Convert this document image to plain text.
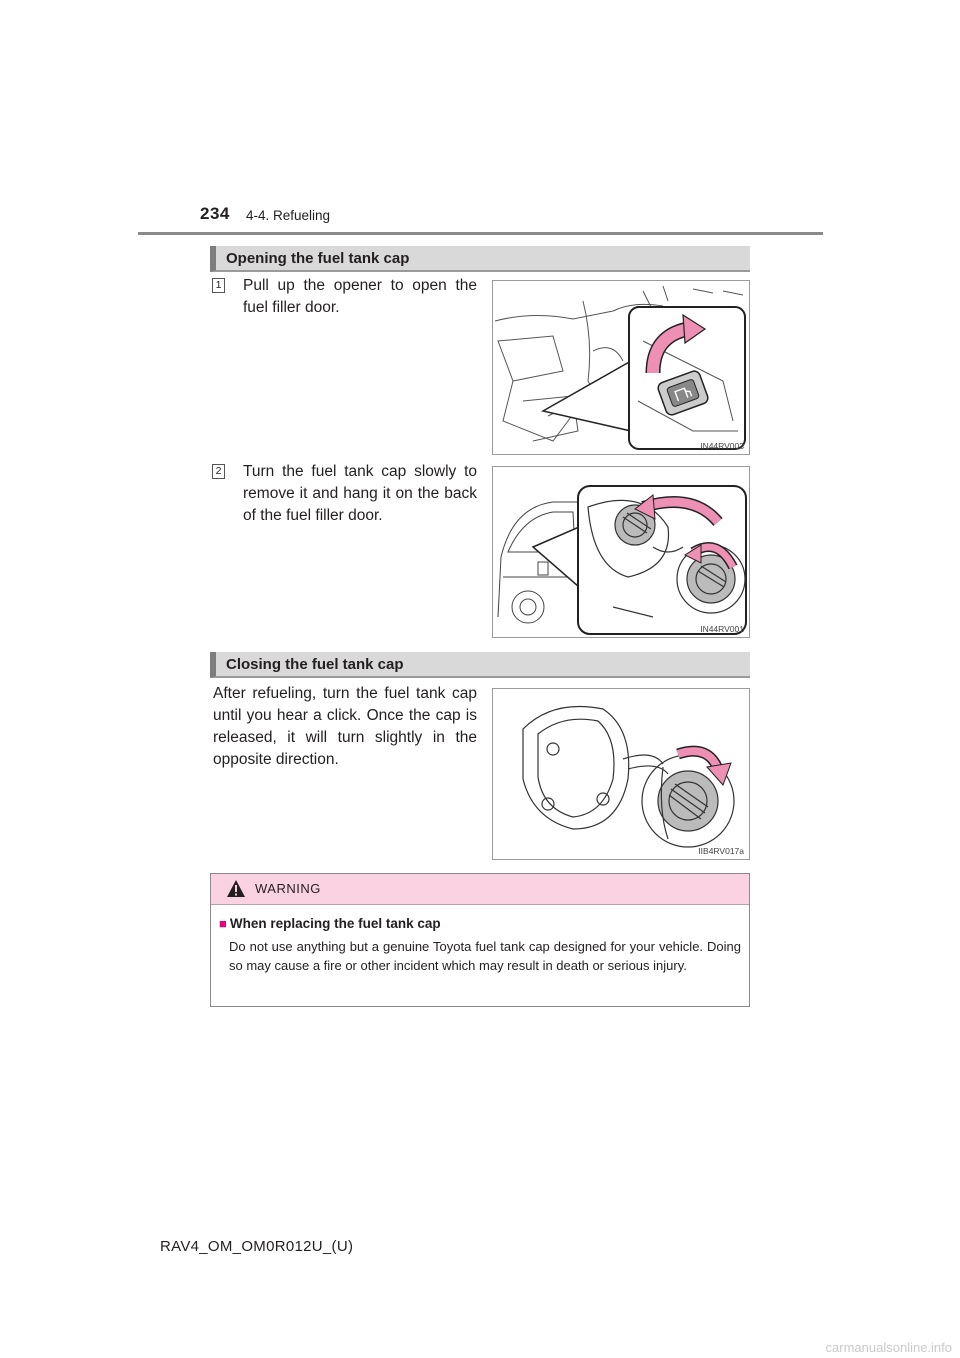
234 4-4. Refueling
Opening the fuel tank cap
1 Pull up the opener to open the fuel filler door.
IN44RV003
2 Turn the fuel tank cap slowly to remove it and hang it on the back of the fuel filler door.
IN44RV001
Closing the fuel tank cap
After refueling, turn the fuel tank cap until you hear a click. Once the cap is released, it will turn slightly in the opposite direction.
IIB4RV017a
WARNING
■ When replacing the fuel tank cap
Do not use anything but a genuine Toyota fuel tank cap designed for your vehicle. Doing so may cause a fire or other incident which may result in death or serious injury.
RAV4_OM_OM0R012U_(U)
carmanualsonline.info
